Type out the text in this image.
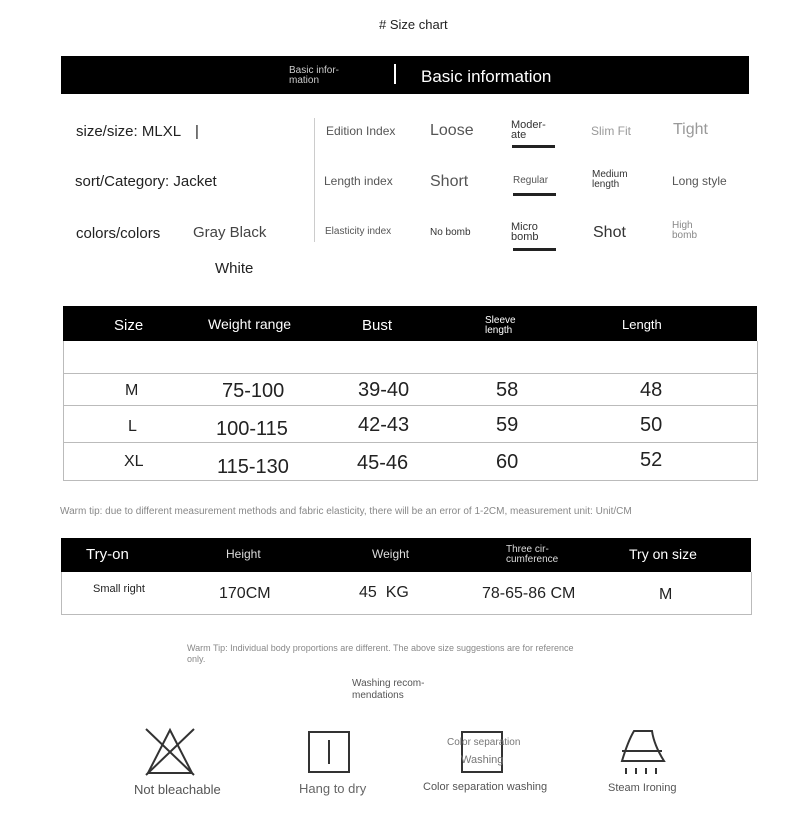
# Size chart
Basic infor-
mation	Basic information
size/size: MLXL |
sort/Category: Jacket
colors/colors Gray Black
White
Edition Index Loose	Moder-
ate	Slim Fit	Tight
Length index Short	Regular
Medium
length	Long style
Elasticity index	No bomb	Micro
bomb	Shot	High
bomb
Size	Weight range	Bust	Sleeve
length	Length
M	75-100	39-40	58	48
L	100-115	42-43	59	50
XL	115-130	45-46	60	52
Warm tip: due to different measurement methods and fabric elasticity, there will be an error of 1-2CM, measurement unit: Unit/CM
Try-on	Height	Weight	Three cir-
cumference	Try on size
Small right	170CM	45  KG	78-65-86 CM	M
Warm Tip: Individual body proportions are different. The above size suggestions are for reference
only.
Washing recom-
mendations
Not bleachable	Hang to dry
Color separation
Washing
Color separation washing	Steam Ironing
